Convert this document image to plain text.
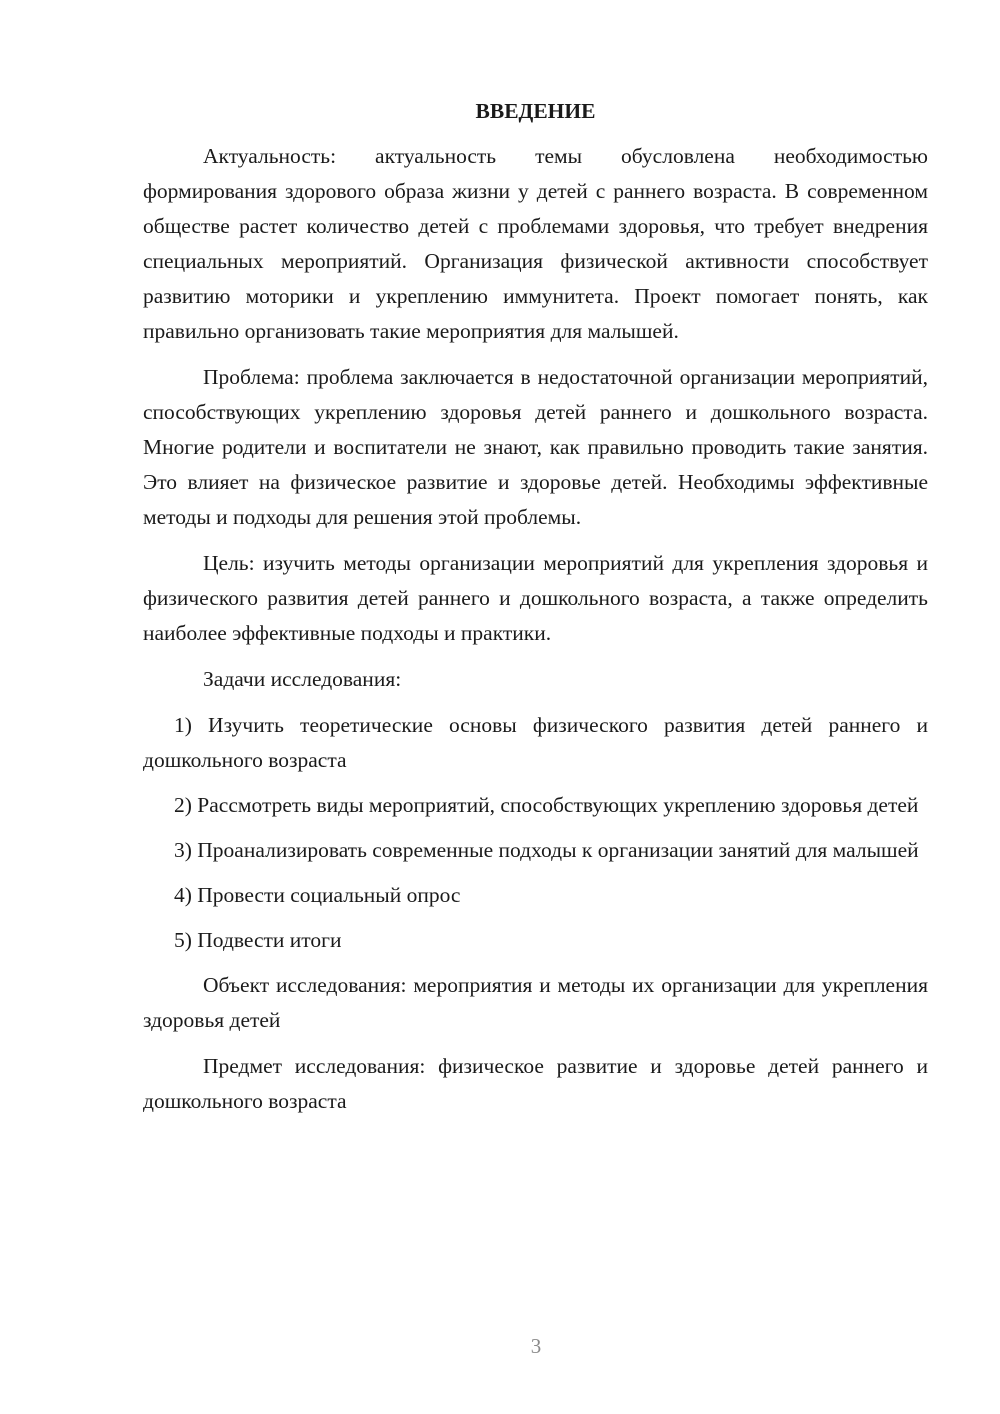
ВВЕДЕНИЕ

Актуальность: актуальность темы обусловлена необходимостью формирования здорового образа жизни у детей с раннего возраста. В современном обществе растет количество детей с проблемами здоровья, что требует внедрения специальных мероприятий. Организация физической активности способствует развитию моторики и укреплению иммунитета. Проект помогает понять, как правильно организовать такие мероприятия для малышей.

Проблема: проблема заключается в недостаточной организации мероприятий, способствующих укреплению здоровья детей раннего и дошкольного возраста. Многие родители и воспитатели не знают, как правильно проводить такие занятия. Это влияет на физическое развитие и здоровье детей. Необходимы эффективные методы и подходы для решения этой проблемы.

Цель: изучить методы организации мероприятий для укрепления здоровья и физического развития детей раннего и дошкольного возраста, а также определить наиболее эффективные подходы и практики.

Задачи исследования:

1) Изучить теоретические основы физического развития детей раннего и дошкольного возраста

2) Рассмотреть виды мероприятий, способствующих укреплению здоровья детей

3) Проанализировать современные подходы к организации занятий для малышей

4) Провести социальный опрос

5) Подвести итоги

Объект исследования: мероприятия и методы их организации для укрепления здоровья детей

Предмет исследования: физическое развитие и здоровье детей раннего и дошкольного возраста

3
